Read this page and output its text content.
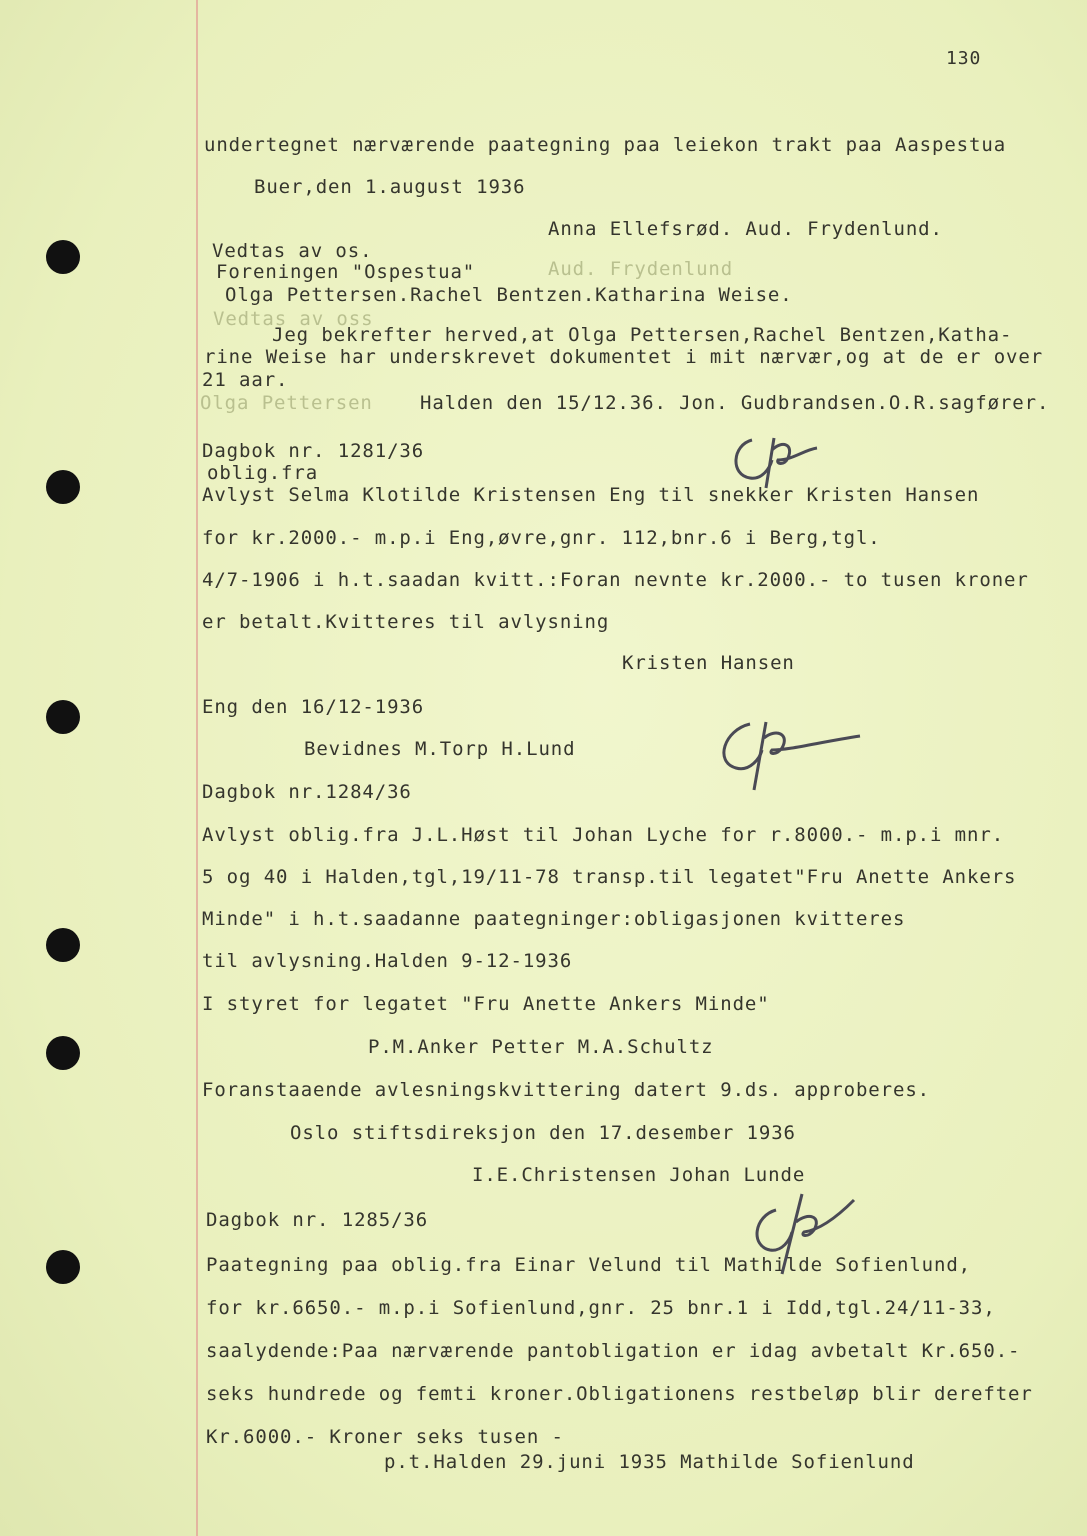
130
Aud. Frydenlund
Vedtas av oss
Olga Pettersen
undertegnet nærværende paategning paa leiekon trakt paa Aaspestua
Buer,den 1.august 1936
Anna Ellefsrød. Aud. Frydenlund.
Vedtas av os.
Foreningen "Ospestua"
Olga Pettersen.Rachel Bentzen.Katharina Weise.
Jeg bekrefter herved,at Olga Pettersen,Rachel Bentzen,Katha-
rine Weise har underskrevet dokumentet i mit nærvær,og at de er over
21 aar.
Halden den 15/12.36. Jon. Gudbrandsen.O.R.sagfører.
Dagbok nr. 1281/36
oblig.fra
Avlyst Selma Klotilde Kristensen Eng til snekker Kristen Hansen
for kr.2000.- m.p.i Eng,øvre,gnr. 112,bnr.6 i Berg,tgl.
4/7-1906 i h.t.saadan kvitt.:Foran nevnte kr.2000.- to tusen kroner
er betalt.Kvitteres til avlysning
Kristen Hansen
Eng den 16/12-1936
Bevidnes M.Torp H.Lund
Dagbok nr.1284/36
Avlyst oblig.fra J.L.Høst til Johan Lyche for r.8000.- m.p.i mnr.
5 og 40 i Halden,tgl,19/11-78 transp.til legatet"Fru Anette Ankers
Minde" i h.t.saadanne paategninger:obligasjonen kvitteres
til avlysning.Halden 9-12-1936
I styret for legatet "Fru Anette Ankers Minde"
P.M.Anker Petter M.A.Schultz
Foranstaaende avlesningskvittering datert 9.ds. approberes.
Oslo stiftsdireksjon den 17.desember 1936
I.E.Christensen Johan Lunde
Dagbok nr. 1285/36
Paategning paa oblig.fra Einar Velund til Mathilde Sofienlund,
for kr.6650.- m.p.i Sofienlund,gnr. 25 bnr.1 i Idd,tgl.24/11-33,
saalydende:Paa nærværende pantobligation er idag avbetalt Kr.650.-
seks hundrede og femti kroner.Obligationens restbeløp blir derefter
Kr.6000.- Kroner seks tusen -
p.t.Halden 29.juni 1935 Mathilde Sofienlund
